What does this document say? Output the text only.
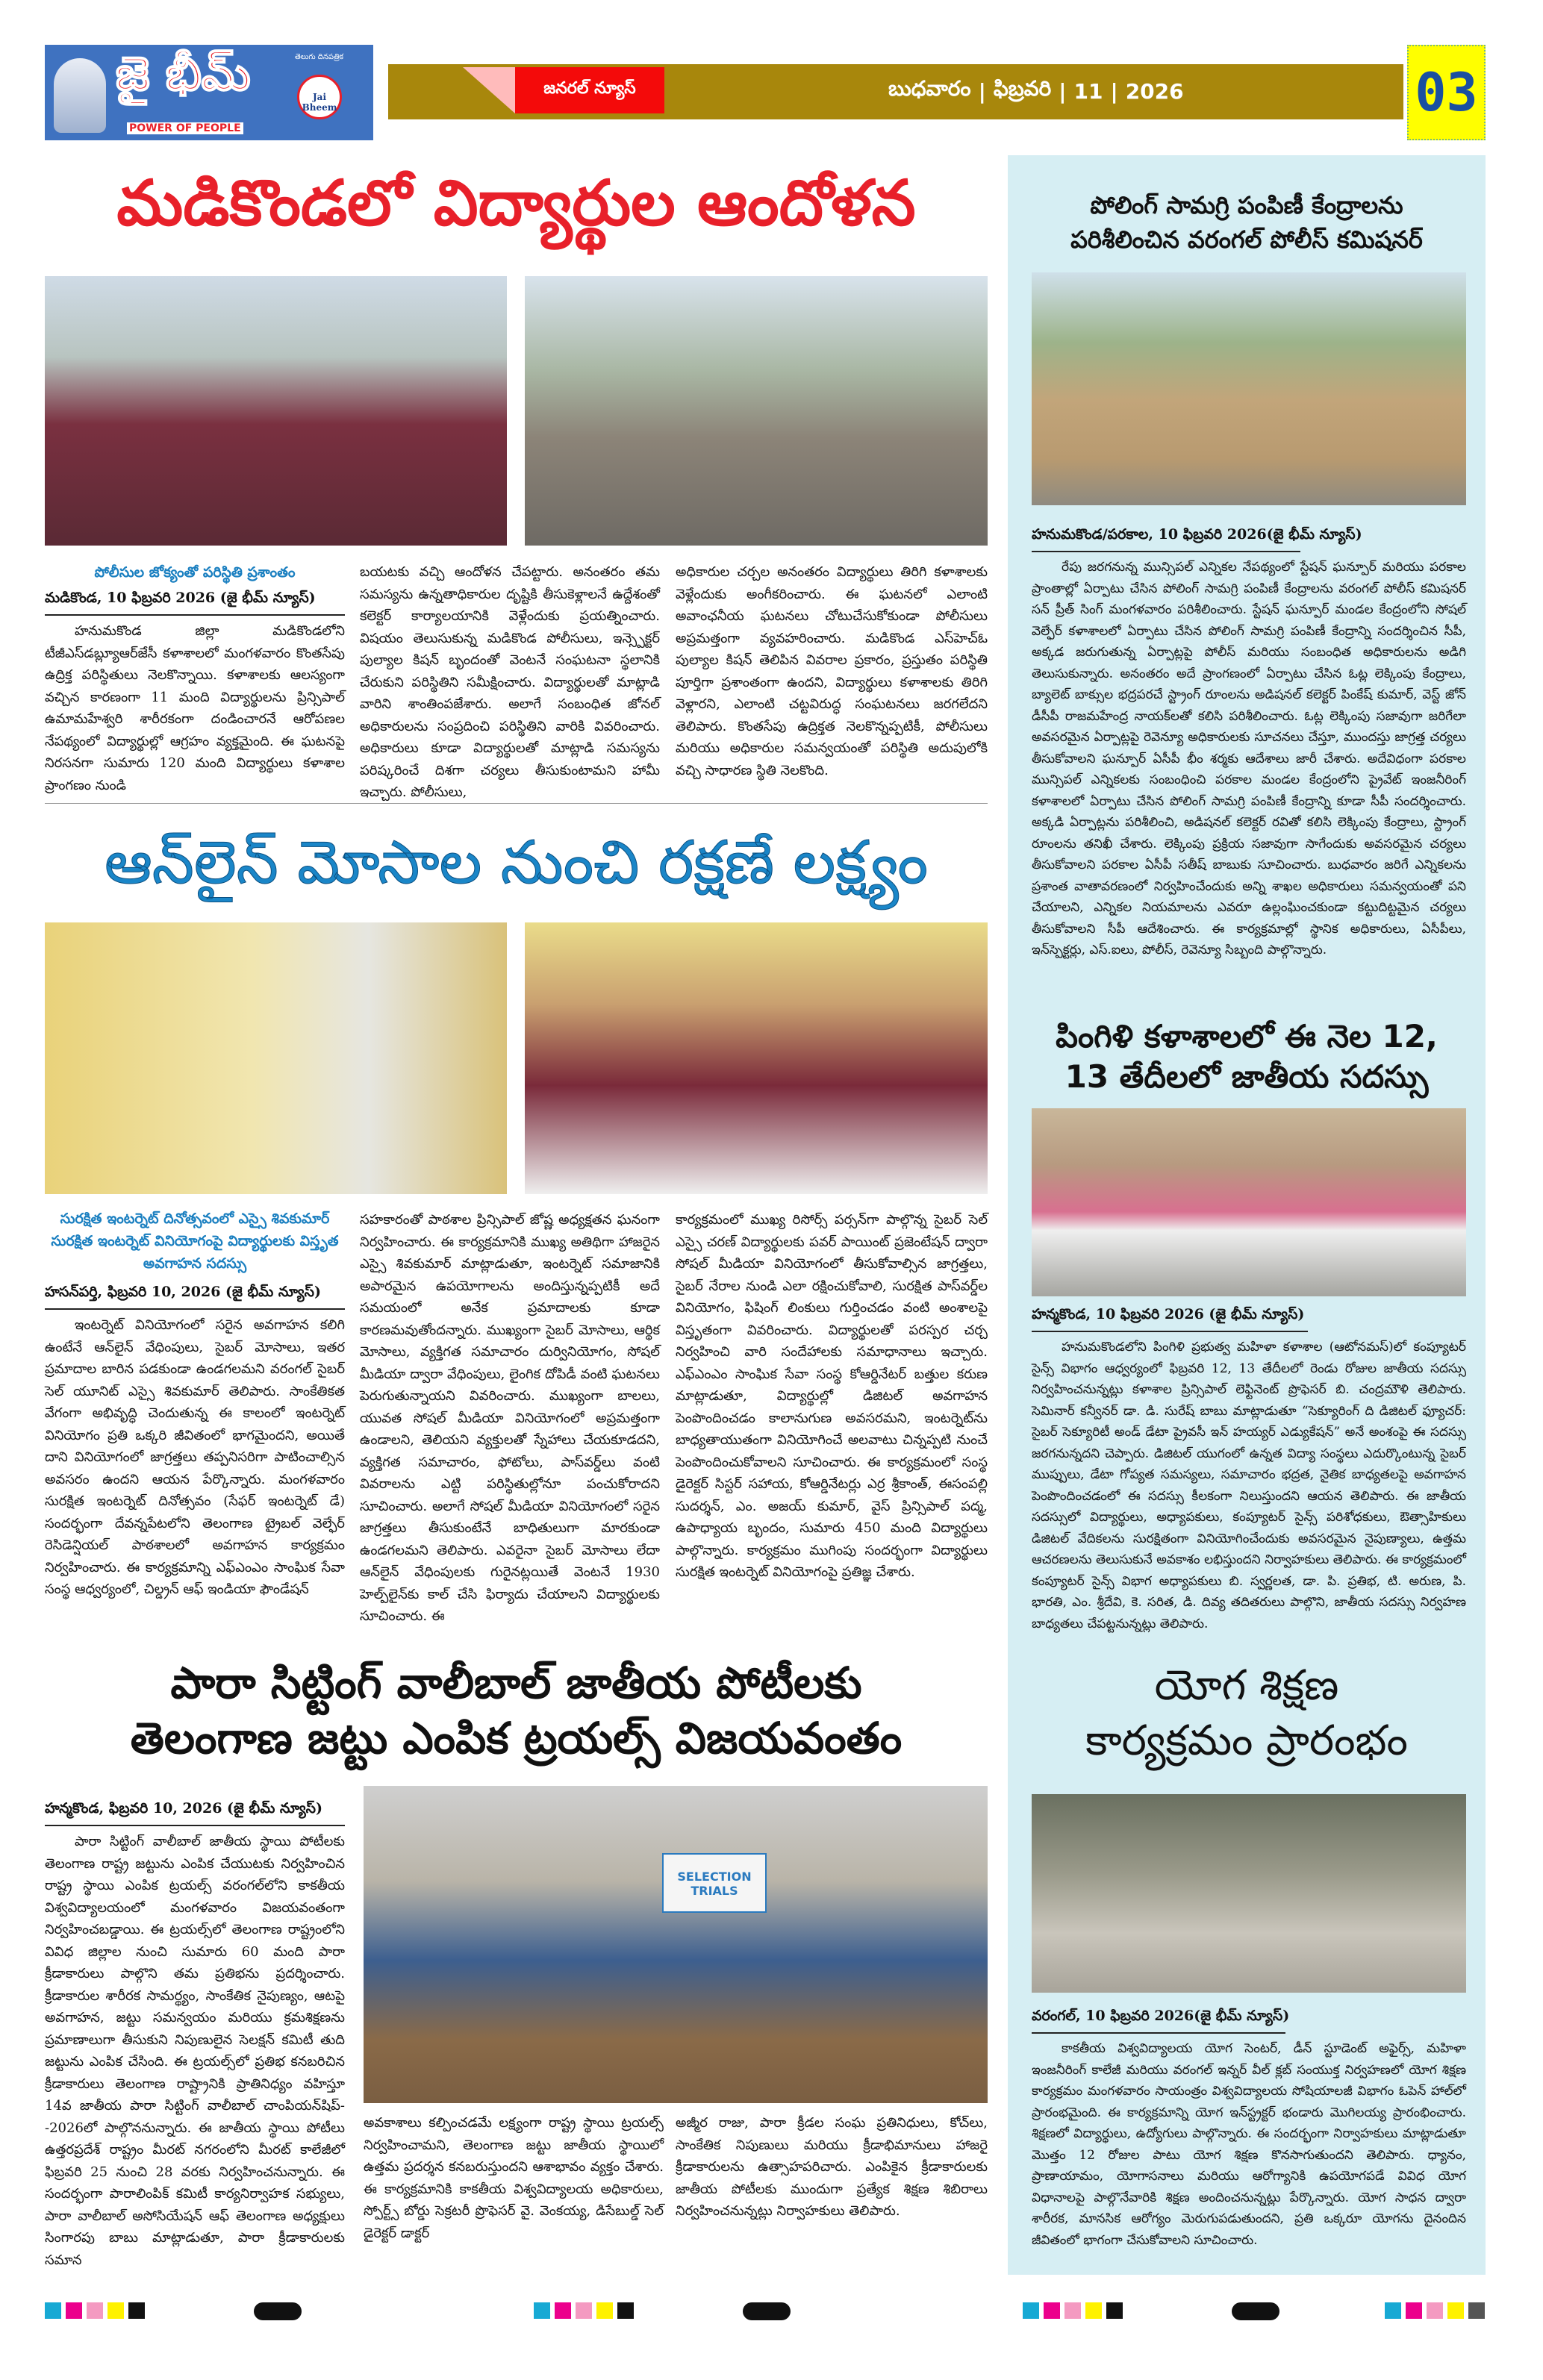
జై భీమ్
POWER OF PEOPLE
తెలుగు దినపత్రిక
Jai Bheem
జనరల్ న్యూస్	బుధవారం | ఫిబ్రవరి | 11 | 2026	03
మడికొండలో విద్యార్థుల ఆందోళన
పోలీసుల జోక్యంతో పరిస్థితి ప్రశాంతం
మడికొండ, 10 ఫిబ్రవరి 2026 (జై భీమ్ న్యూస్)

హనుమకొండ జిల్లా మడికొండలోని టీజీఎస్‌డబ్ల్యూఆర్‌జేసీ కళాశాలలో మంగళవారం కొంతసేపు ఉద్రిక్త పరిస్థితులు నెలకొన్నాయి. కళాశాలకు ఆలస్యంగా వచ్చిన కారణంగా 11 మంది విద్యార్థులను ప్రిన్సిపాల్ ఉమామహేశ్వరి శారీరకంగా దండించారనే ఆరోపణల నేపథ్యంలో విద్యార్థుల్లో ఆగ్రహం వ్యక్తమైంది. ఈ ఘటనపై నిరసనగా సుమారు 120 మంది విద్యార్థులు కళాశాల ప్రాంగణం నుండి

బయటకు వచ్చి ఆందోళన చేపట్టారు. అనంతరం తమ సమస్యను ఉన్నతాధికారుల దృష్టికి తీసుకెళ్లాలనే ఉద్దేశంతో కలెక్టర్ కార్యాలయానికి వెళ్లేందుకు ప్రయత్నించారు. విషయం తెలుసుకున్న మడికొండ పోలీసులు, ఇన్స్పెక్టర్ పుల్యాల కిషన్ బృందంతో వెంటనే సంఘటనా స్థలానికి చేరుకుని పరిస్థితిని సమీక్షించారు. విద్యార్థులతో మాట్లాడి వారిని శాంతింపజేశారు. అలాగే సంబంధిత జోనల్ అధికారులను సంప్రదించి పరిస్థితిని వారికి వివరించారు. అధికారులు కూడా విద్యార్థులతో మాట్లాడి సమస్యను పరిష్కరించే దిశగా చర్యలు తీసుకుంటామని హామీ ఇచ్చారు. పోలీసులు,

అధికారుల చర్చల అనంతరం విద్యార్థులు తిరిగి కళాశాలకు వెళ్లేందుకు అంగీకరించారు. ఈ ఘటనలో ఎలాంటి అవాంఛనీయ ఘటనలు చోటుచేసుకోకుండా పోలీసులు అప్రమత్తంగా వ్యవహరించారు. మడికొండ ఎస్‌హెచ్‌ఓ పుల్యాల కిషన్ తెలిపిన వివరాల ప్రకారం, ప్రస్తుతం పరిస్థితి పూర్తిగా ప్రశాంతంగా ఉందని, విద్యార్థులు కళాశాలకు తిరిగి వెళ్లారని, ఎలాంటి చట్టవిరుద్ధ సంఘటనలు జరగలేదని తెలిపారు. కొంతసేపు ఉద్రిక్తత నెలకొన్నప్పటికీ, పోలీసులు మరియు అధికారుల సమన్వయంతో పరిస్థితి అదుపులోకి వచ్చి సాధారణ స్థితి నెలకొంది.

ఆన్‌లైన్ మోసాల నుంచి రక్షణే లక్ష్యం
సురక్షిత ఇంటర్నెట్ దినోత్సవంలో ఎస్సై శివకుమార్ సురక్షిత ఇంటర్నెట్ వినియోగంపై విద్యార్థులకు విస్తృత అవగాహన సదస్సు
హసన్‌పర్తి, ఫిబ్రవరి 10, 2026 (జై భీమ్ న్యూస్)

ఇంటర్నెట్ వినియోగంలో సరైన అవగాహన కలిగి ఉంటేనే ఆన్‌లైన్ వేధింపులు, సైబర్ మోసాలు, ఇతర ప్రమాదాల బారిన పడకుండా ఉండగలమని వరంగల్ సైబర్ సెల్ యూనిట్ ఎస్సై శివకుమార్ తెలిపారు. సాంకేతికత వేగంగా అభివృద్ధి చెందుతున్న ఈ కాలంలో ఇంటర్నెట్ వినియోగం ప్రతి ఒక్కరి జీవితంలో భాగమైందని, అయితే దాని వినియోగంలో జాగ్రత్తలు తప్పనిసరిగా పాటించాల్సిన అవసరం ఉందని ఆయన పేర్కొన్నారు. మంగళవారం సురక్షిత ఇంటర్నెట్ దినోత్సవం (సేఫర్ ఇంటర్నెట్ డే) సందర్భంగా దేవన్నపేటలోని తెలంగాణ ట్రైబల్ వెల్ఫేర్ రెసిడెన్షియల్ పాఠశాలలో అవగాహన కార్యక్రమం నిర్వహించారు. ఈ కార్యక్రమాన్ని ఎఫ్‌ఎంఎం సాంఘిక సేవా సంస్థ ఆధ్వర్యంలో, చిల్డ్రన్ ఆఫ్ ఇండియా ఫౌండేషన్

సహకారంతో పాఠశాల ప్రిన్సిపాల్ జోష్ణ అధ్యక్షతన ఘనంగా నిర్వహించారు. ఈ కార్యక్రమానికి ముఖ్య అతిథిగా హాజరైన ఎస్సై శివకుమార్ మాట్లాడుతూ, ఇంటర్నెట్ సమాజానికి అపారమైన ఉపయోగాలను అందిస్తున్నప్పటికీ అదే సమయంలో అనేక ప్రమాదాలకు కూడా కారణమవుతోందన్నారు. ముఖ్యంగా సైబర్ మోసాలు, ఆర్థిక మోసాలు, వ్యక్తిగత సమాచారం దుర్వినియోగం, సోషల్ మీడియా ద్వారా వేధింపులు, లైంగిక దోపిడీ వంటి ఘటనలు పెరుగుతున్నాయని వివరించారు. ముఖ్యంగా బాలలు, యువత సోషల్ మీడియా వినియోగంలో అప్రమత్తంగా ఉండాలని, తెలియని వ్యక్తులతో స్నేహాలు చేయకూడదని, వ్యక్తిగత సమాచారం, ఫోటోలు, పాస్‌వర్డ్‌లు వంటి వివరాలను ఎట్టి పరిస్థితుల్లోనూ పంచుకోరాదని సూచించారు. అలాగే సోషల్ మీడియా వినియోగంలో సరైన జాగ్రత్తలు తీసుకుంటేనే బాధితులుగా మారకుండా ఉండగలమని తెలిపారు. ఎవరైనా సైబర్ మోసాలు లేదా ఆన్‌లైన్ వేధింపులకు గురైనట్లయితే వెంటనే 1930 హెల్ప్‌లైన్‌కు కాల్ చేసి ఫిర్యాదు చేయాలని విద్యార్థులకు సూచించారు. ఈ

కార్యక్రమంలో ముఖ్య రిసోర్స్ పర్సన్‌గా పాల్గొన్న సైబర్ సెల్ ఎస్సై చరణ్ విద్యార్థులకు పవర్ పాయింట్ ప్రజెంటేషన్ ద్వారా సోషల్ మీడియా వినియోగంలో తీసుకోవాల్సిన జాగ్రత్తలు, సైబర్ నేరాల నుండి ఎలా రక్షించుకోవాలి, సురక్షిత పాస్‌వర్డ్‌ల వినియోగం, ఫిషింగ్ లింకులు గుర్తించడం వంటి అంశాలపై విస్తృతంగా వివరించారు. విద్యార్థులతో పరస్పర చర్చ నిర్వహించి వారి సందేహాలకు సమాధానాలు ఇచ్చారు. ఎఫ్‌ఎంఎం సాంఘిక సేవా సంస్థ కోఆర్డినేటర్ బత్తుల కరుణ మాట్లాడుతూ, విద్యార్థుల్లో డిజిటల్ అవగాహన పెంపొందించడం కాలానుగుణ అవసరమని, ఇంటర్నెట్‌ను బాధ్యతాయుతంగా వినియోగించే అలవాటు చిన్నప్పటి నుంచే పెంపొందించుకోవాలని సూచించారు. ఈ కార్యక్రమంలో సంస్థ డైరెక్టర్ సిస్టర్ సహాయ, కోఆర్డినేటర్లు ఎర్ర శ్రీకాంత్, ఈసంపల్లి సుదర్శన్, ఎం. అజయ్ కుమార్, వైస్ ప్రిన్సిపాల్ పద్మ, ఉపాధ్యాయ బృందం, సుమారు 450 మంది విద్యార్థులు పాల్గొన్నారు. కార్యక్రమం ముగింపు సందర్భంగా విద్యార్థులు సురక్షిత ఇంటర్నెట్ వినియోగంపై ప్రతిజ్ఞ చేశారు.

పారా సిట్టింగ్ వాలీబాల్ జాతీయ పోటీలకు
తెలంగాణ జట్టు ఎంపిక ట్రయల్స్ విజయవంతం
హన్మకొండ, ఫిబ్రవరి 10, 2026 (జై భీమ్ న్యూస్)

పారా సిట్టింగ్ వాలీబాల్ జాతీయ స్థాయి పోటీలకు తెలంగాణ రాష్ట్ర జట్టును ఎంపిక చేయుటకు నిర్వహించిన రాష్ట్ర స్థాయి ఎంపిక ట్రయల్స్ వరంగల్‌లోని కాకతీయ విశ్వవిద్యాలయంలో మంగళవారం విజయవంతంగా నిర్వహించబడ్డాయి. ఈ ట్రయల్స్‌లో తెలంగాణ రాష్ట్రంలోని వివిధ జిల్లాల నుంచి సుమారు 60 మంది పారా క్రీడాకారులు పాల్గొని తమ ప్రతిభను ప్రదర్శించారు. క్రీడాకారుల శారీరక సామర్థ్యం, సాంకేతిక నైపుణ్యం, ఆటపై అవగాహన, జట్టు సమన్వయం మరియు క్రమశిక్షణను ప్రమాణాలుగా తీసుకుని నిపుణులైన సెలక్షన్ కమిటీ తుది జట్టును ఎంపిక చేసింది. ఈ ట్రయల్స్‌లో ప్రతిభ కనబరిచిన క్రీడాకారులు తెలంగాణ రాష్ట్రానికి ప్రాతినిధ్యం వహిస్తూ 14వ జాతీయ పారా సిట్టింగ్ వాలీబాల్ చాంపియన్‌షిప్--2026లో పాల్గొననున్నారు. ఈ జాతీయ స్థాయి పోటీలు ఉత్తరప్రదేశ్ రాష్ట్రం మీరట్ నగరంలోని మీరట్ కాలేజీలో ఫిబ్రవరి 25 నుంచి 28 వరకు నిర్వహించనున్నారు. ఈ సందర్భంగా పారాలింపిక్ కమిటీ కార్యనిర్వాహక సభ్యులు, పారా వాలీబాల్ అసోసియేషన్ ఆఫ్ తెలంగాణ అధ్యక్షులు సింగారపు బాబు మాట్లాడుతూ, పారా క్రీడాకారులకు సమాన

SELECTION TRIALS

అవకాశాలు కల్పించడమే లక్ష్యంగా రాష్ట్ర స్థాయి ట్రయల్స్ నిర్వహించామని, తెలంగాణ జట్టు జాతీయ స్థాయిలో ఉత్తమ ప్రదర్శన కనబరుస్తుందని ఆశాభావం వ్యక్తం చేశారు. ఈ కార్యక్రమానికి కాకతీయ విశ్వవిద్యాలయ అధికారులు, స్పోర్ట్స్ బోర్డు సెక్రటరీ ప్రొఫెసర్ వై. వెంకయ్య, డిసేబుల్డ్ సెల్ డైరెక్టర్ డాక్టర్

అజ్మీర రాజు, పారా క్రీడల సంఘ ప్రతినిధులు, కోచ్‌లు, సాంకేతిక నిపుణులు మరియు క్రీడాభిమానులు హాజరై క్రీడాకారులను ఉత్సాహపరిచారు. ఎంపికైన క్రీడాకారులకు జాతీయ పోటీలకు ముందుగా ప్రత్యేక శిక్షణ శిబిరాలు నిర్వహించనున్నట్లు నిర్వాహకులు తెలిపారు.

పోలింగ్ సామగ్రి పంపిణీ కేంద్రాలను
పరిశీలించిన వరంగల్ పోలీస్ కమిషనర్
హనుమకొండ/పరకాల, 10 ఫిబ్రవరి 2026(జై భీమ్ న్యూస్)

రేపు జరగనున్న మున్సిపల్ ఎన్నికల నేపథ్యంలో స్టేషన్ ఘన్పూర్ మరియు పరకాల ప్రాంతాల్లో ఏర్పాటు చేసిన పోలింగ్ సామగ్రి పంపిణీ కేంద్రాలను వరంగల్ పోలీస్ కమిషనర్ సన్ ప్రీత్ సింగ్ మంగళవారం పరిశీలించారు. స్టేషన్ ఘన్పూర్ మండల కేంద్రంలోని సోషల్ వెల్ఫేర్ కళాశాలలో ఏర్పాటు చేసిన పోలింగ్ సామగ్రి పంపిణీ కేంద్రాన్ని సందర్శించిన సీపీ, అక్కడ జరుగుతున్న ఏర్పాట్లపై పోలీస్ మరియు సంబంధిత అధికారులను అడిగి తెలుసుకున్నారు. అనంతరం అదే ప్రాంగణంలో ఏర్పాటు చేసిన ఓట్ల లెక్కింపు కేంద్రాలు, బ్యాలెట్ బాక్సుల భద్రపరచే స్ట్రాంగ్ రూంలను అడిషనల్ కలెక్టర్ పింకేష్ కుమార్, వెస్ట్ జోన్ డీసీపీ రాజమహేంద్ర నాయక్‌లతో కలిసి పరిశీలించారు. ఓట్ల లెక్కింపు సజావుగా జరిగేలా అవసరమైన ఏర్పాట్లపై రెవెన్యూ అధికారులకు సూచనలు చేస్తూ, ముందస్తు జాగ్రత్త చర్యలు తీసుకోవాలని ఘన్పూర్ ఏసీపీ భీం శర్మకు ఆదేశాలు జారీ చేశారు. అదేవిధంగా పరకాల మున్సిపల్ ఎన్నికలకు సంబంధించి పరకాల మండల కేంద్రంలోని ప్రైవేట్ ఇంజనీరింగ్ కళాశాలలో ఏర్పాటు చేసిన పోలింగ్ సామగ్రి పంపిణీ కేంద్రాన్ని కూడా సీపీ సందర్శించారు. అక్కడి ఏర్పాట్లను పరిశీలించి, అడిషనల్ కలెక్టర్ రవితో కలిసి లెక్కింపు కేంద్రాలు, స్ట్రాంగ్ రూంలను తనిఖీ చేశారు. లెక్కింపు ప్రక్రియ సజావుగా సాగేందుకు అవసరమైన చర్యలు తీసుకోవాలని పరకాల ఏసీపీ సతీష్ బాబుకు సూచించారు. బుధవారం జరిగే ఎన్నికలను ప్రశాంత వాతావరణంలో నిర్వహించేందుకు అన్ని శాఖల అధికారులు సమన్వయంతో పని చేయాలని, ఎన్నికల నియమాలను ఎవరూ ఉల్లంఘించకుండా కట్టుదిట్టమైన చర్యలు తీసుకోవాలని సీపీ ఆదేశించారు. ఈ కార్యక్రమాల్లో స్థానిక అధికారులు, ఏసీపీలు, ఇన్‌స్పెక్టర్లు, ఎస్.ఐలు, పోలీస్, రెవెన్యూ సిబ్బంది పాల్గొన్నారు.

పింగిళి కళాశాలలో ఈ నెల 12,
13 తేదీలలో జాతీయ సదస్సు
హన్మకొండ, 10 ఫిబ్రవరి 2026 (జై భీమ్ న్యూస్)

హనుమకొండలోని పింగిళి ప్రభుత్వ మహిళా కళాశాల (ఆటోనమస్)లో కంప్యూటర్ సైన్స్ విభాగం ఆధ్వర్యంలో ఫిబ్రవరి 12, 13 తేదీలలో రెండు రోజుల జాతీయ సదస్సు నిర్వహించనున్నట్లు కళాశాల ప్రిన్సిపాల్ లెఫ్టినెంట్ ప్రొఫెసర్ బి. చంద్రమౌళి తెలిపారు. సెమినార్ కన్వీనర్ డా. డి. సురేష్ బాబు మాట్లాడుతూ “సెక్యూరింగ్ ది డిజిటల్ ఫ్యూచర్: సైబర్ సెక్యూరిటీ అండ్ డేటా ప్రైవసీ ఇన్ హయ్యర్ ఎడ్యుకేషన్” అనే అంశంపై ఈ సదస్సు జరగనున్నదని చెప్పారు. డిజిటల్ యుగంలో ఉన్నత విద్యా సంస్థలు ఎదుర్కొంటున్న సైబర్ ముప్పులు, డేటా గోప్యత సమస్యలు, సమాచారం భద్రత, నైతిక బాధ్యతలపై అవగాహన పెంపొందించడంలో ఈ సదస్సు కీలకంగా నిలుస్తుందని ఆయన తెలిపారు. ఈ జాతీయ సదస్సులో విద్యార్థులు, అధ్యాపకులు, కంప్యూటర్ సైన్స్ పరిశోధకులు, ఔత్సాహికులు డిజిటల్ వేదికలను సురక్షితంగా వినియోగించేందుకు అవసరమైన నైపుణ్యాలు, ఉత్తమ ఆచరణలను తెలుసుకునే అవకాశం లభిస్తుందని నిర్వాహకులు తెలిపారు. ఈ కార్యక్రమంలో కంప్యూటర్ సైన్స్ విభాగ అధ్యాపకులు బి. స్వర్ణలత, డా. పి. ప్రతిభ, టి. అరుణ, పి. భారతి, ఎం. శ్రీదేవి, కె. సరిత, డి. దివ్య తదితరులు పాల్గొని, జాతీయ సదస్సు నిర్వహణ బాధ్యతలు చేపట్టనున్నట్లు తెలిపారు.

యోగ శిక్షణ
కార్యక్రమం ప్రారంభం
వరంగల్, 10 ఫిబ్రవరి 2026(జై భీమ్ న్యూస్)

కాకతీయ విశ్వవిద్యాలయ యోగ సెంటర్, డీన్ స్టూడెంట్ అఫైర్స్, మహిళా ఇంజనీరింగ్ కాలేజీ మరియు వరంగల్ ఇన్నర్ వీల్ క్లబ్ సంయుక్త నిర్వహణలో యోగ శిక్షణ కార్యక్రమం మంగళవారం సాయంత్రం విశ్వవిద్యాలయ సోషియాలజీ విభాగం ఓపెన్ హాల్‌లో ప్రారంభమైంది. ఈ కార్యక్రమాన్ని యోగ ఇన్‌స్ట్రక్టర్ భండారు మొగిలయ్య ప్రారంభించారు. శిక్షణలో విద్యార్థులు, ఉద్యోగులు పాల్గొన్నారు. ఈ సందర్భంగా నిర్వాహకులు మాట్లాడుతూ మొత్తం 12 రోజుల పాటు యోగ శిక్షణ కొనసాగుతుందని తెలిపారు. ధ్యానం, ప్రాణాయామం, యోగాసనాలు మరియు ఆరోగ్యానికి ఉపయోగపడే వివిధ యోగ విధానాలపై పాల్గొనేవారికి శిక్షణ అందించనున్నట్లు పేర్కొన్నారు. యోగ సాధన ద్వారా శారీరక, మానసిక ఆరోగ్యం మెరుగుపడుతుందని, ప్రతి ఒక్కరూ యోగను దైనందిన జీవితంలో భాగంగా చేసుకోవాలని సూచించారు.
